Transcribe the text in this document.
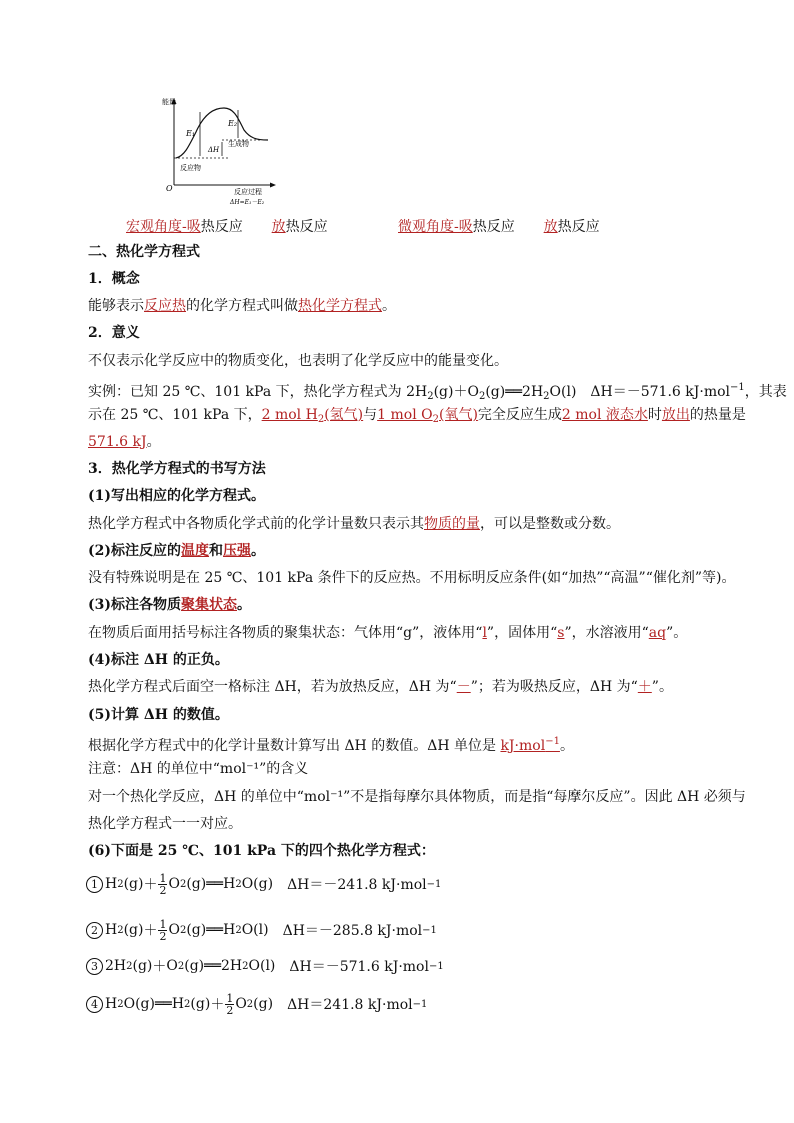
能量
O
E₁
E₂
ΔH
生成物
反应物
反应过程
ΔH=E₁－E₂
宏观角度-吸热反应 放热反应	微观角度-吸热反应 放热反应
二、热化学方程式
1．概念
能够表示反应热的化学方程式叫做热化学方程式。
2．意义
不仅表示化学反应中的物质变化，也表明了化学反应中的能量变化。
实例：已知 25 ℃、101 kPa 下，热化学方程式为 $2H_2(g)+O_2(g)══2H_2O(l)$　ΔH＝－571.6 kJ·mol$^{-1}$，其表
示在 25 ℃、101 kPa 下，2 mol $H_2$(氢气)与1 mol $O_2$(氧气)完全反应生成2 mol 液态水时放出的热量是
571.6 kJ。
3．热化学方程式的书写方法
(1)写出相应的化学方程式。
热化学方程式中各物质化学式前的化学计量数只表示其物质的量，可以是整数或分数。
(2)标注反应的温度和压强。
没有特殊说明是在 25 ℃、101 kPa 条件下的反应热。不用标明反应条件(如“加热”“高温”“催化剂”等)。
(3)标注各物质聚集状态。
在物质后面用括号标注各物质的聚集状态：气体用“g”，液体用“l”，固体用“s”，水溶液用“aq”。
(4)标注 ΔH 的正负。
热化学方程式后面空一格标注 ΔH，若为放热反应，ΔH 为“－”；若为吸热反应，ΔH 为“＋”。
(5)计算 ΔH 的数值。
根据化学方程式中的化学计量数计算写出 ΔH 的数值。ΔH 单位是 kJ·mol$^{-1}$。
注意：ΔH 的单位中“mol⁻¹”的含义
对一个热化学反应，ΔH 的单位中“mol⁻¹”不是指每摩尔具体物质，而是指“每摩尔反应”。因此 ΔH 必须与
热化学方程式一一对应。
(6)下面是 25 ℃、101 kPa 下的四个热化学方程式：
1 H 2 $(g) + \frac{1}{2}$ O 2 (g) ══ H 2 O(g) ΔH＝－241.8 kJ·mol −1
2 H 2 $(g) + \frac{1}{2}$ O 2 (g) ══ H 2 O(l) ΔH＝－285.8 kJ·mol −1
3 2H 2 (g) ＋ O 2 (g) ══ 2H 2 O(l) ΔH＝－571.6 kJ·mol −1
4 H 2 O(g) ══ H 2 $(g) + \frac{1}{2}$ O 2 (g) ΔH＝241.8 kJ·mol −1
